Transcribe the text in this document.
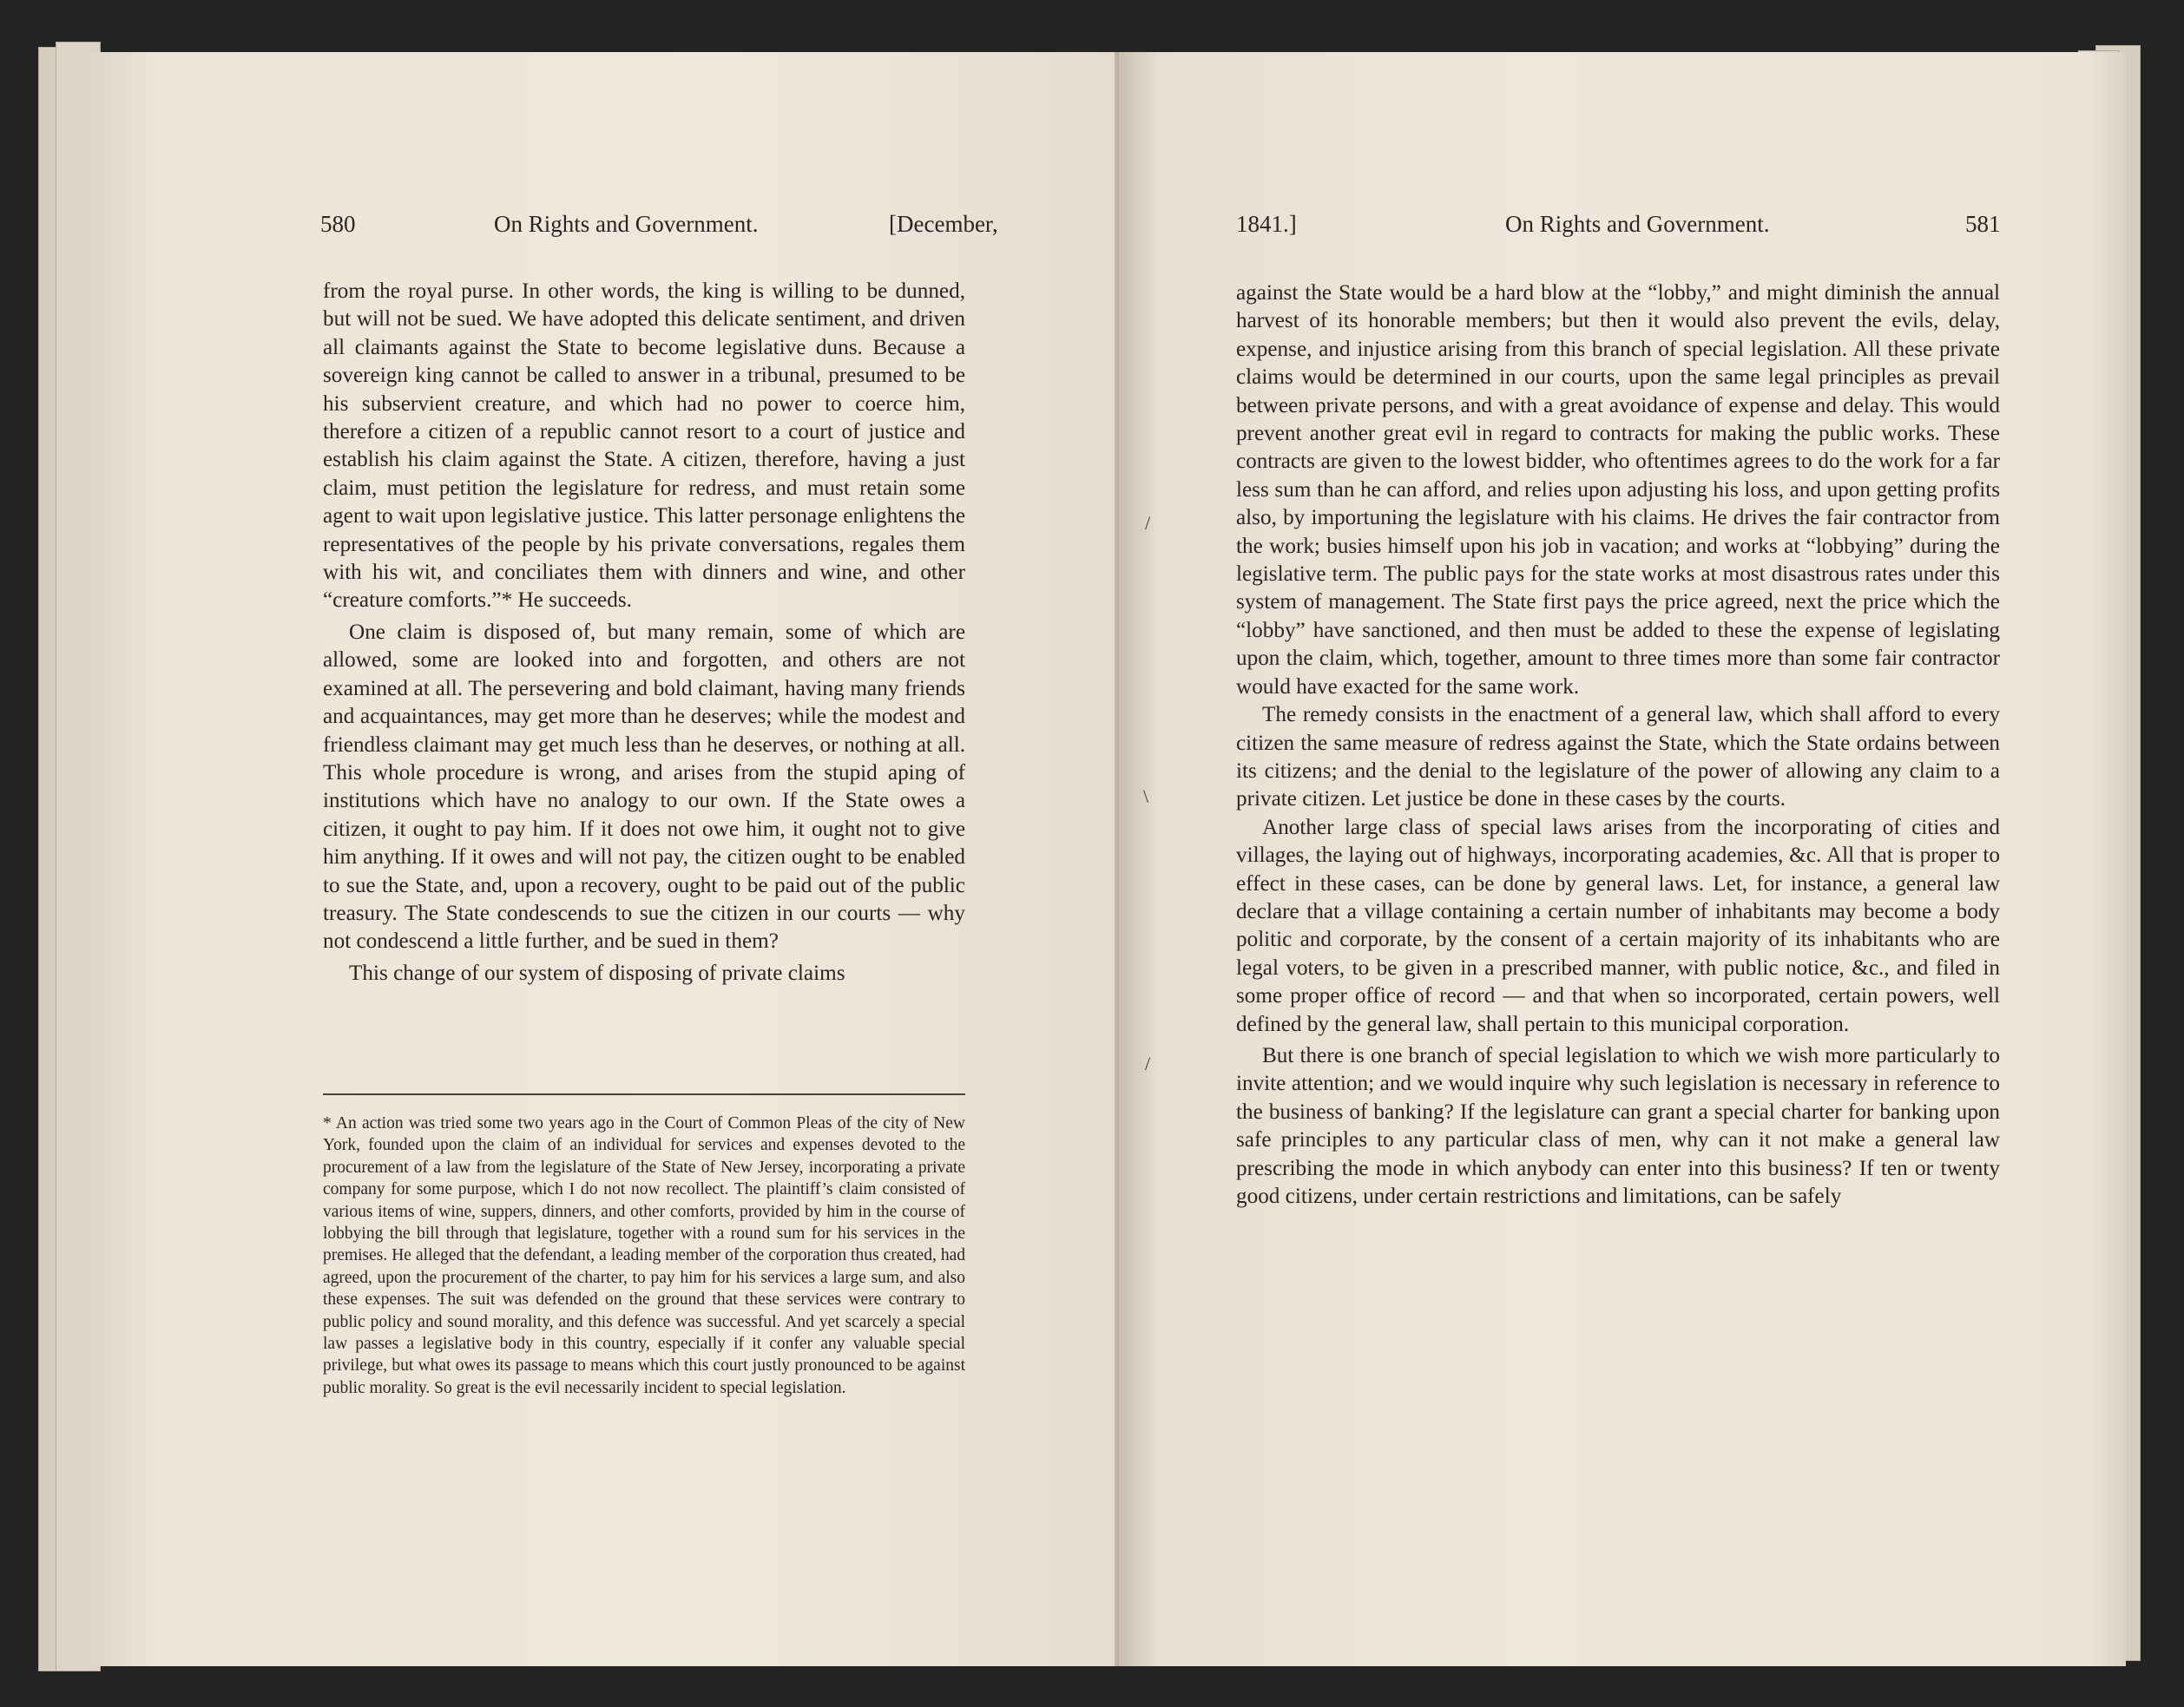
580	On Rights and Government.	[December,

from the royal purse. In other words, the king is willing to be dunned, but will not be sued. We have adopted this delicate sentiment, and driven all claimants against the State to become legislative duns. Because a sovereign king cannot be called to answer in a tribunal, presumed to be his subservient creature, and which had no power to coerce him, therefore a citizen of a republic cannot resort to a court of justice and establish his claim against the State. A citizen, therefore, having a just claim, must petition the legislature for redress, and must retain some agent to wait upon legislative justice. This latter personage enlightens the representatives of the people by his private conversations, regales them with his wit, and conciliates them with dinners and wine, and other “creature comforts.”* He succeeds.

One claim is disposed of, but many remain, some of which are allowed, some are looked into and forgotten, and others are not examined at all. The persevering and bold claimant, having many friends and acquaintances, may get more than he deserves; while the modest and friendless claimant may get much less than he deserves, or nothing at all. This whole procedure is wrong, and arises from the stupid aping of institutions which have no analogy to our own. If the State owes a citizen, it ought to pay him. If it does not owe him, it ought not to give him anything. If it owes and will not pay, the citizen ought to be enabled to sue the State, and, upon a recovery, ought to be paid out of the public treasury. The State condescends to sue the citizen in our courts — why not condescend a little further, and be sued in them?

This change of our system of disposing of private claims

* An action was tried some two years ago in the Court of Common Pleas of the city of New York, founded upon the claim of an individual for services and expenses devoted to the procurement of a law from the legislature of the State of New Jersey, incorporating a private company for some purpose, which I do not now recollect. The plaintiff’s claim consisted of various items of wine, suppers, dinners, and other comforts, provided by him in the course of lobbying the bill through that legislature, together with a round sum for his services in the premises. He alleged that the defendant, a leading member of the corporation thus created, had agreed, upon the procurement of the charter, to pay him for his services a large sum, and also these expenses. The suit was defended on the ground that these services were contrary to public policy and sound morality, and this defence was successful. And yet scarcely a special law passes a legislative body in this country, especially if it confer any valuable special privilege, but what owes its passage to means which this court justly pronounced to be against public morality. So great is the evil necessarily incident to special legislation.
1841.]	On Rights and Government.	581

against the State would be a hard blow at the “lobby,” and might diminish the annual harvest of its honorable members; but then it would also prevent the evils, delay, expense, and injustice arising from this branch of special legislation. All these private claims would be determined in our courts, upon the same legal principles as prevail between private persons, and with a great avoidance of expense and delay. This would prevent another great evil in regard to contracts for making the public works. These contracts are given to the lowest bidder, who oftentimes agrees to do the work for a far less sum than he can afford, and relies upon adjusting his loss, and upon getting profits also, by importuning the legislature with his claims. He drives the fair contractor from the work; busies himself upon his job in vacation; and works at “lobbying” during the legislative term. The public pays for the state works at most disastrous rates under this system of management. The State first pays the price agreed, next the price which the “lobby” have sanctioned, and then must be added to these the expense of legislating upon the claim, which, together, amount to three times more than some fair contractor would have exacted for the same work.

The remedy consists in the enactment of a general law, which shall afford to every citizen the same measure of redress against the State, which the State ordains between its citizens; and the denial to the legislature of the power of allowing any claim to a private citizen. Let justice be done in these cases by the courts.

Another large class of special laws arises from the incorporating of cities and villages, the laying out of highways, incorporating academies, &c. All that is proper to effect in these cases, can be done by general laws. Let, for instance, a general law declare that a village containing a certain number of inhabitants may become a body politic and corporate, by the consent of a certain majority of its inhabitants who are legal voters, to be given in a prescribed manner, with public notice, &c., and filed in some proper office of record — and that when so incorporated, certain powers, well defined by the general law, shall pertain to this municipal corporation.

But there is one branch of special legislation to which we wish more particularly to invite attention; and we would inquire why such legislation is necessary in reference to the business of banking? If the legislature can grant a special charter for banking upon safe principles to any particular class of men, why can it not make a general law prescribing the mode in which anybody can enter into this business? If ten or twenty good citizens, under certain restrictions and limitations, can be safely

/
\
/
